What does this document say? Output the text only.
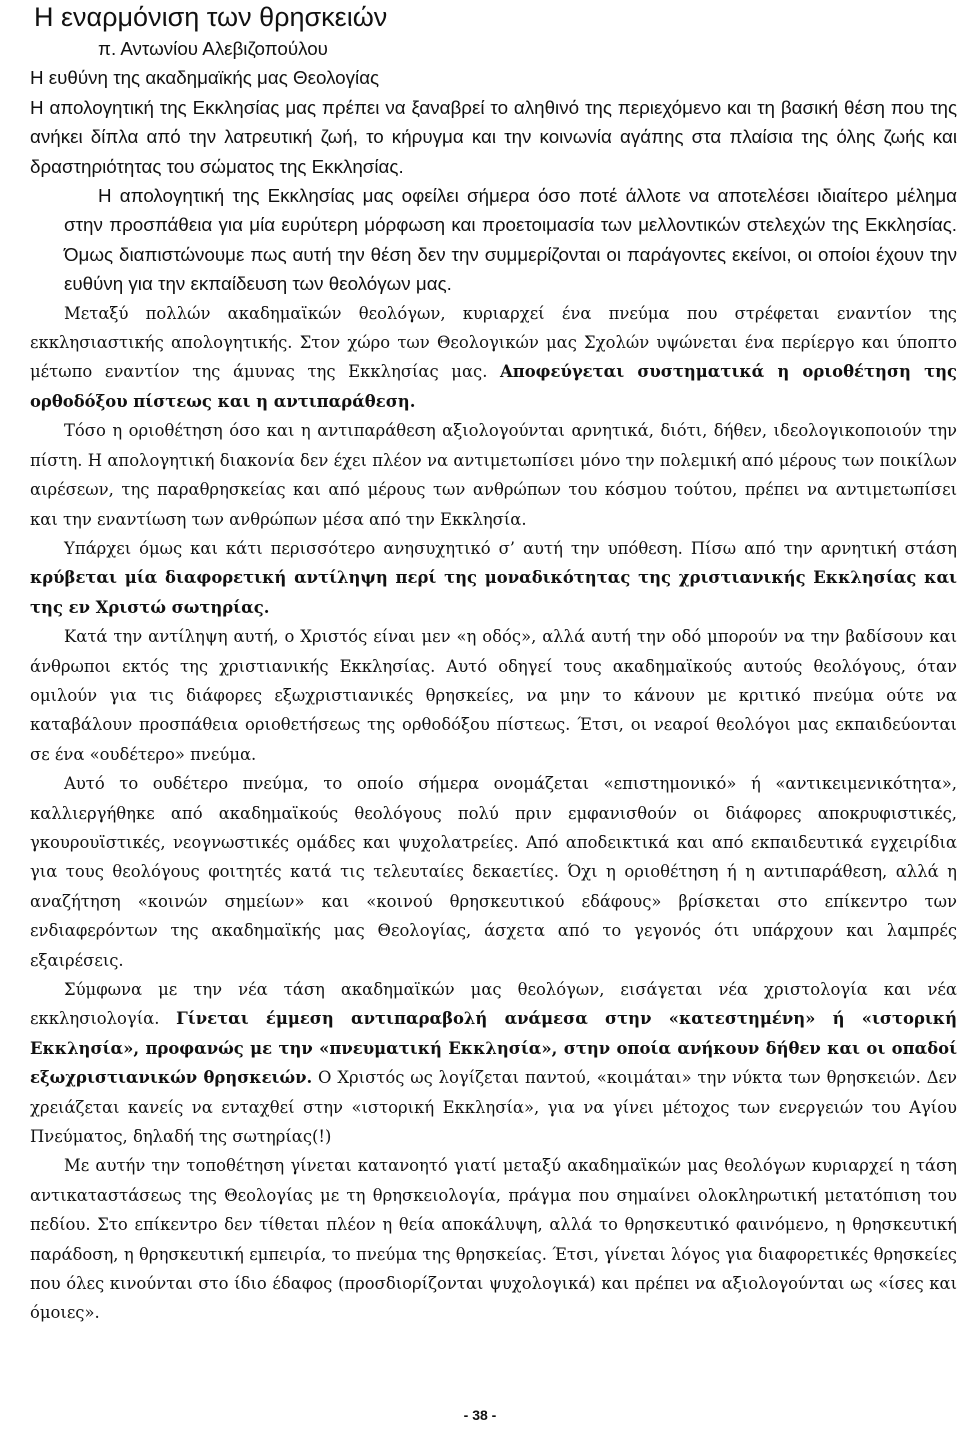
Η εναρμόνιση των θρησκειών
π. Αντωνίου Αλεβιζοπούλου
Η ευθύνη της ακαδημαϊκής μας Θεολογίας

Η απολογητική της Εκκλησίας μας πρέπει να ξαναβρεί το αληθινό της περιεχόμενο και τη βασική θέση που της ανήκει δίπλα από την λατρευτική ζωή, το κήρυγμα και την κοινωνία αγάπης στα πλαίσια της όλης ζωής και δραστηριότητας του σώματος της Εκκλησίας.

Η απολογητική της Εκκλησίας μας οφείλει σήμερα όσο ποτέ άλλοτε να αποτελέσει ιδιαίτερο μέλημα στην προσπάθεια για μία ευρύτερη μόρφωση και προετοιμασία των μελλοντικών στελεχών της Εκκλησίας. Όμως διαπιστώνουμε πως αυτή την θέση δεν την συμμερίζονται οι παράγοντες εκείνοι, οι οποίοι έχουν την ευθύνη για την εκπαίδευση των θεολόγων μας.

Μεταξύ πολλών ακαδημαϊκών θεολόγων, κυριαρχεί ένα πνεύμα που στρέφεται εναντίον της εκκλησιαστικής απολογητικής. Στον χώρο των Θεολογικών μας Σχολών υψώνεται ένα περίεργο και ύποπτο μέτωπο εναντίον της άμυνας της Εκκλησίας μας. Αποφεύγεται συστηματικά η οριοθέτηση της ορθοδόξου πίστεως και η αντιπαράθεση.

Τόσο η οριοθέτηση όσο και η αντιπαράθεση αξιολογούνται αρνητικά, διότι, δήθεν, ιδεολογικοποιούν την πίστη. Η απολογητική διακονία δεν έχει πλέον να αντιμετωπίσει μόνο την πολεμική από μέρους των ποικίλων αιρέσεων, της παραθρησκείας και από μέρους των ανθρώπων του κόσμου τούτου, πρέπει να αντιμετωπίσει και την εναντίωση των ανθρώπων μέσα από την Εκκλησία.

Υπάρχει όμως και κάτι περισσότερο ανησυχητικό σ’ αυτή την υπόθεση. Πίσω από την αρνητική στάση κρύβεται μία διαφορετική αντίληψη περί της μοναδικότητας της χριστιανικής Εκκλησίας και της εν Χριστώ σωτηρίας.

Κατά την αντίληψη αυτή, ο Χριστός είναι μεν «η οδός», αλλά αυτή την οδό μπορούν να την βαδίσουν και άνθρωποι εκτός της χριστιανικής Εκκλησίας. Αυτό οδηγεί τους ακαδημαϊκούς αυτούς θεολόγους, όταν ομιλούν για τις διάφορες εξωχριστιανικές θρησκείες, να μην το κάνουν με κριτικό πνεύμα ούτε να καταβάλουν προσπάθεια οριοθετήσεως της ορθοδόξου πίστεως. Έτσι, οι νεαροί θεολόγοι μας εκπαιδεύονται σε ένα «ουδέτερο» πνεύμα.

Αυτό το ουδέτερο πνεύμα, το οποίο σήμερα ονομάζεται «επιστημονικό» ή «αντικειμενικότητα», καλλιεργήθηκε από ακαδημαϊκούς θεολόγους πολύ πριν εμφανισθούν οι διάφορες αποκρυφιστικές, γκουρουϊστικές, νεογνωστικές ομάδες και ψυχολατρείες. Από αποδεικτικά και από εκπαιδευτικά εγχειρίδια για τους θεολόγους φοιτητές κατά τις τελευταίες δεκαετίες. Όχι η οριοθέτηση ή η αντιπαράθεση, αλλά η αναζήτηση «κοινών σημείων» και «κοινού θρησκευτικού εδάφους» βρίσκεται στο επίκεντρο των ενδιαφερόντων της ακαδημαϊκής μας Θεολογίας, άσχετα από το γεγονός ότι υπάρχουν και λαμπρές εξαιρέσεις.

Σύμφωνα με την νέα τάση ακαδημαϊκών μας θεολόγων, εισάγεται νέα χριστολογία και νέα εκκλησιολογία. Γίνεται έμμεση αντιπαραβολή ανάμεσα στην «κατεστημένη» ή «ιστορική Εκκλησία», προφανώς με την «πνευματική Εκκλησία», στην οποία ανήκουν δήθεν και οι οπαδοί εξωχριστιανικών θρησκειών. Ο Χριστός ως λογίζεται παντού, «κοιμάται» την νύκτα των θρησκειών. Δεν χρειάζεται κανείς να ενταχθεί στην «ιστορική Εκκλησία», για να γίνει μέτοχος των ενεργειών του Αγίου Πνεύματος, δηλαδή της σωτηρίας(!)

Με αυτήν την τοποθέτηση γίνεται κατανοητό γιατί μεταξύ ακαδημαϊκών μας θεολόγων κυριαρχεί η τάση αντικαταστάσεως της Θεολογίας με τη θρησκειολογία, πράγμα που σημαίνει ολοκληρωτική μετατόπιση του πεδίου. Στο επίκεντρο δεν τίθεται πλέον η θεία αποκάλυψη, αλλά το θρησκευτικό φαινόμενο, η θρησκευτική παράδοση, η θρησκευτική εμπειρία, το πνεύμα της θρησκείας. Έτσι, γίνεται λόγος για διαφορετικές θρησκείες που όλες κινούνται στο ίδιο έδαφος (προσδιορίζονται ψυχολογικά) και πρέπει να αξιολογούνται ως «ίσες και όμοιες».

- 38 -
